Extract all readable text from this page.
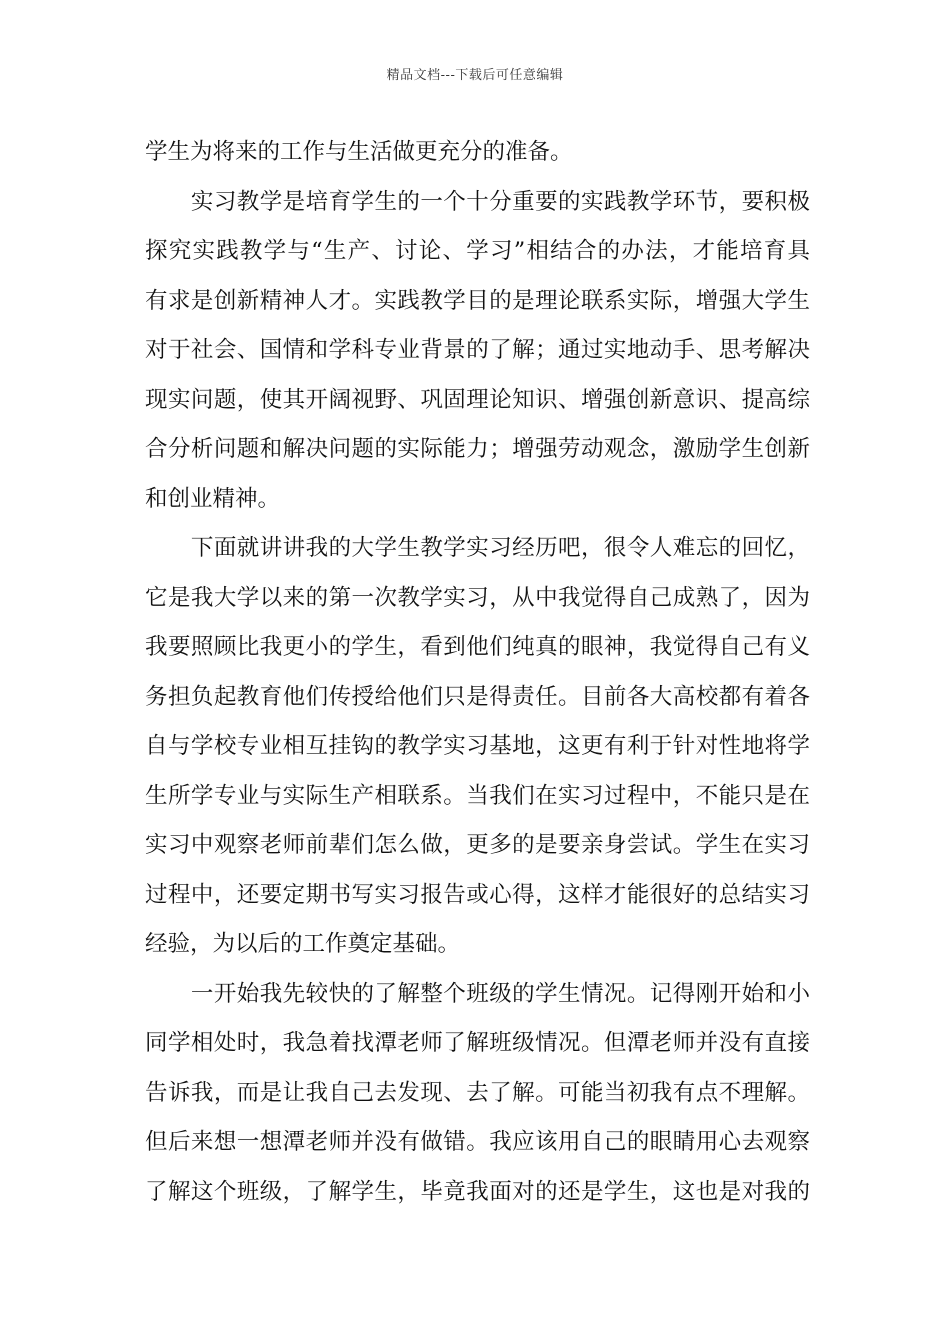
精品文档---下载后可任意编辑
学生为将来的工作与生活做更充分的准备。
　　实习教学是培育学生的一个十分重要的实践教学环节，要积极
探究实践教学与“生产、讨论、学习”相结合的办法，才能培育具
有求是创新精神人才。实践教学目的是理论联系实际，增强大学生
对于社会、国情和学科专业背景的了解；通过实地动手、思考解决
现实问题，使其开阔视野、巩固理论知识、增强创新意识、提高综
合分析问题和解决问题的实际能力；增强劳动观念，激励学生创新
和创业精神。
　　下面就讲讲我的大学生教学实习经历吧，很令人难忘的回忆，
它是我大学以来的第一次教学实习，从中我觉得自己成熟了，因为
我要照顾比我更小的学生，看到他们纯真的眼神，我觉得自己有义
务担负起教育他们传授给他们只是得责任。目前各大高校都有着各
自与学校专业相互挂钩的教学实习基地，这更有利于针对性地将学
生所学专业与实际生产相联系。当我们在实习过程中，不能只是在
实习中观察老师前辈们怎么做，更多的是要亲身尝试。学生在实习
过程中，还要定期书写实习报告或心得，这样才能很好的总结实习
经验，为以后的工作奠定基础。
　　一开始我先较快的了解整个班级的学生情况。记得刚开始和小
同学相处时，我急着找潭老师了解班级情况。但潭老师并没有直接
告诉我，而是让我自己去发现、去了解。可能当初我有点不理解。
但后来想一想潭老师并没有做错。我应该用自己的眼睛用心去观察
了解这个班级，了解学生，毕竟我面对的还是学生，这也是对我的
